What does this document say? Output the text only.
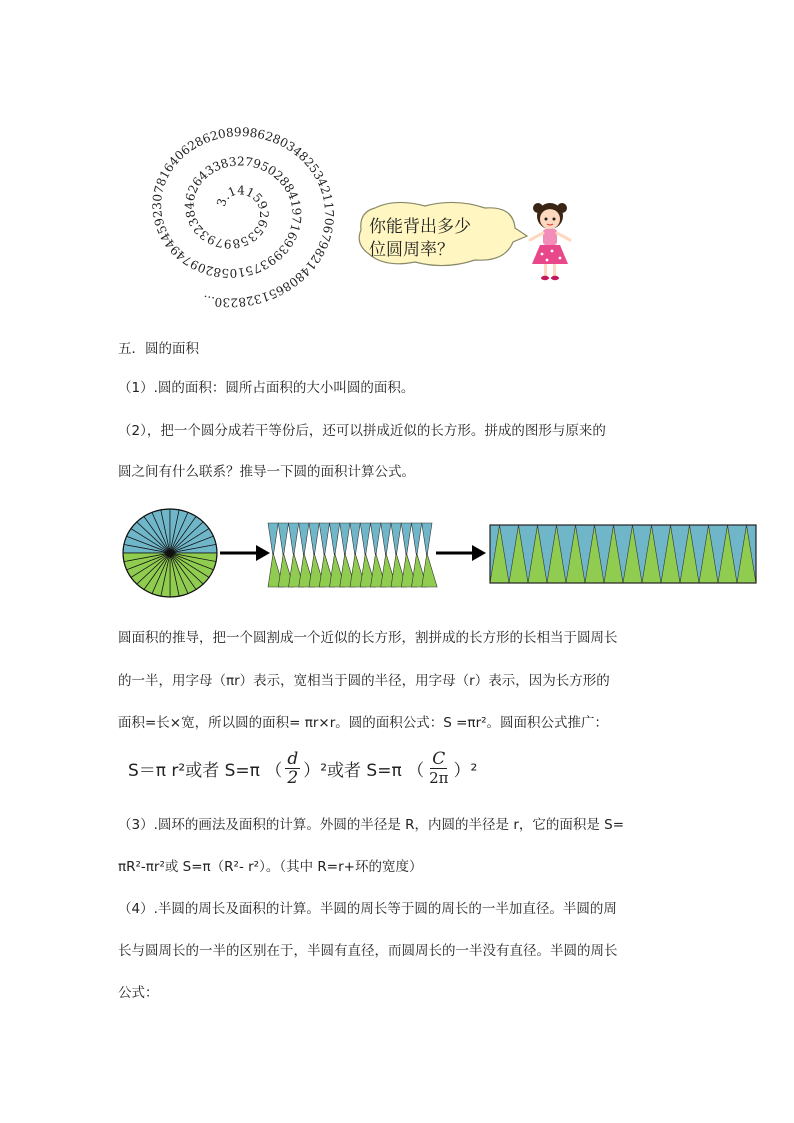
3.14159265358979323846264338327950288419716939937510582097494459230781640628620899862803482534211706798214808651328230...
你能背出多少
位圆周率？
五．圆的面积
（1）.圆的面积：圆所占面积的大小叫圆的面积。
（2），把一个圆分成若干等份后，还可以拼成近似的长方形。拼成的图形与原来的
圆之间有什么联系？推导一下圆的面积计算公式。
圆面积的推导，把一个圆割成一个近似的长方形，割拼成的长方形的长相当于圆周长
的一半，用字母（πr）表示，宽相当于圆的半径，用字母（r）表示，因为长方形的
面积=长×宽，所以圆的面积= πr×r。圆的面积公式：S =πr²。圆面积公式推广：
S＝π r²或者 S=π （ $\frac{d}{2} )^2$或者 S=π （ $\frac{C}{2\pi} )^2$
（3）.圆环的画法及面积的计算。外圆的半径是 R，内圆的半径是 r，它的面积是 S=
πR²-πr²或 S=π（R²- r²）。（其中 R=r+环的宽度）
（4）.半圆的周长及面积的计算。半圆的周长等于圆的周长的一半加直径。半圆的周
长与圆周长的一半的区别在于，半圆有直径，而圆周长的一半没有直径。半圆的周长
公式：
